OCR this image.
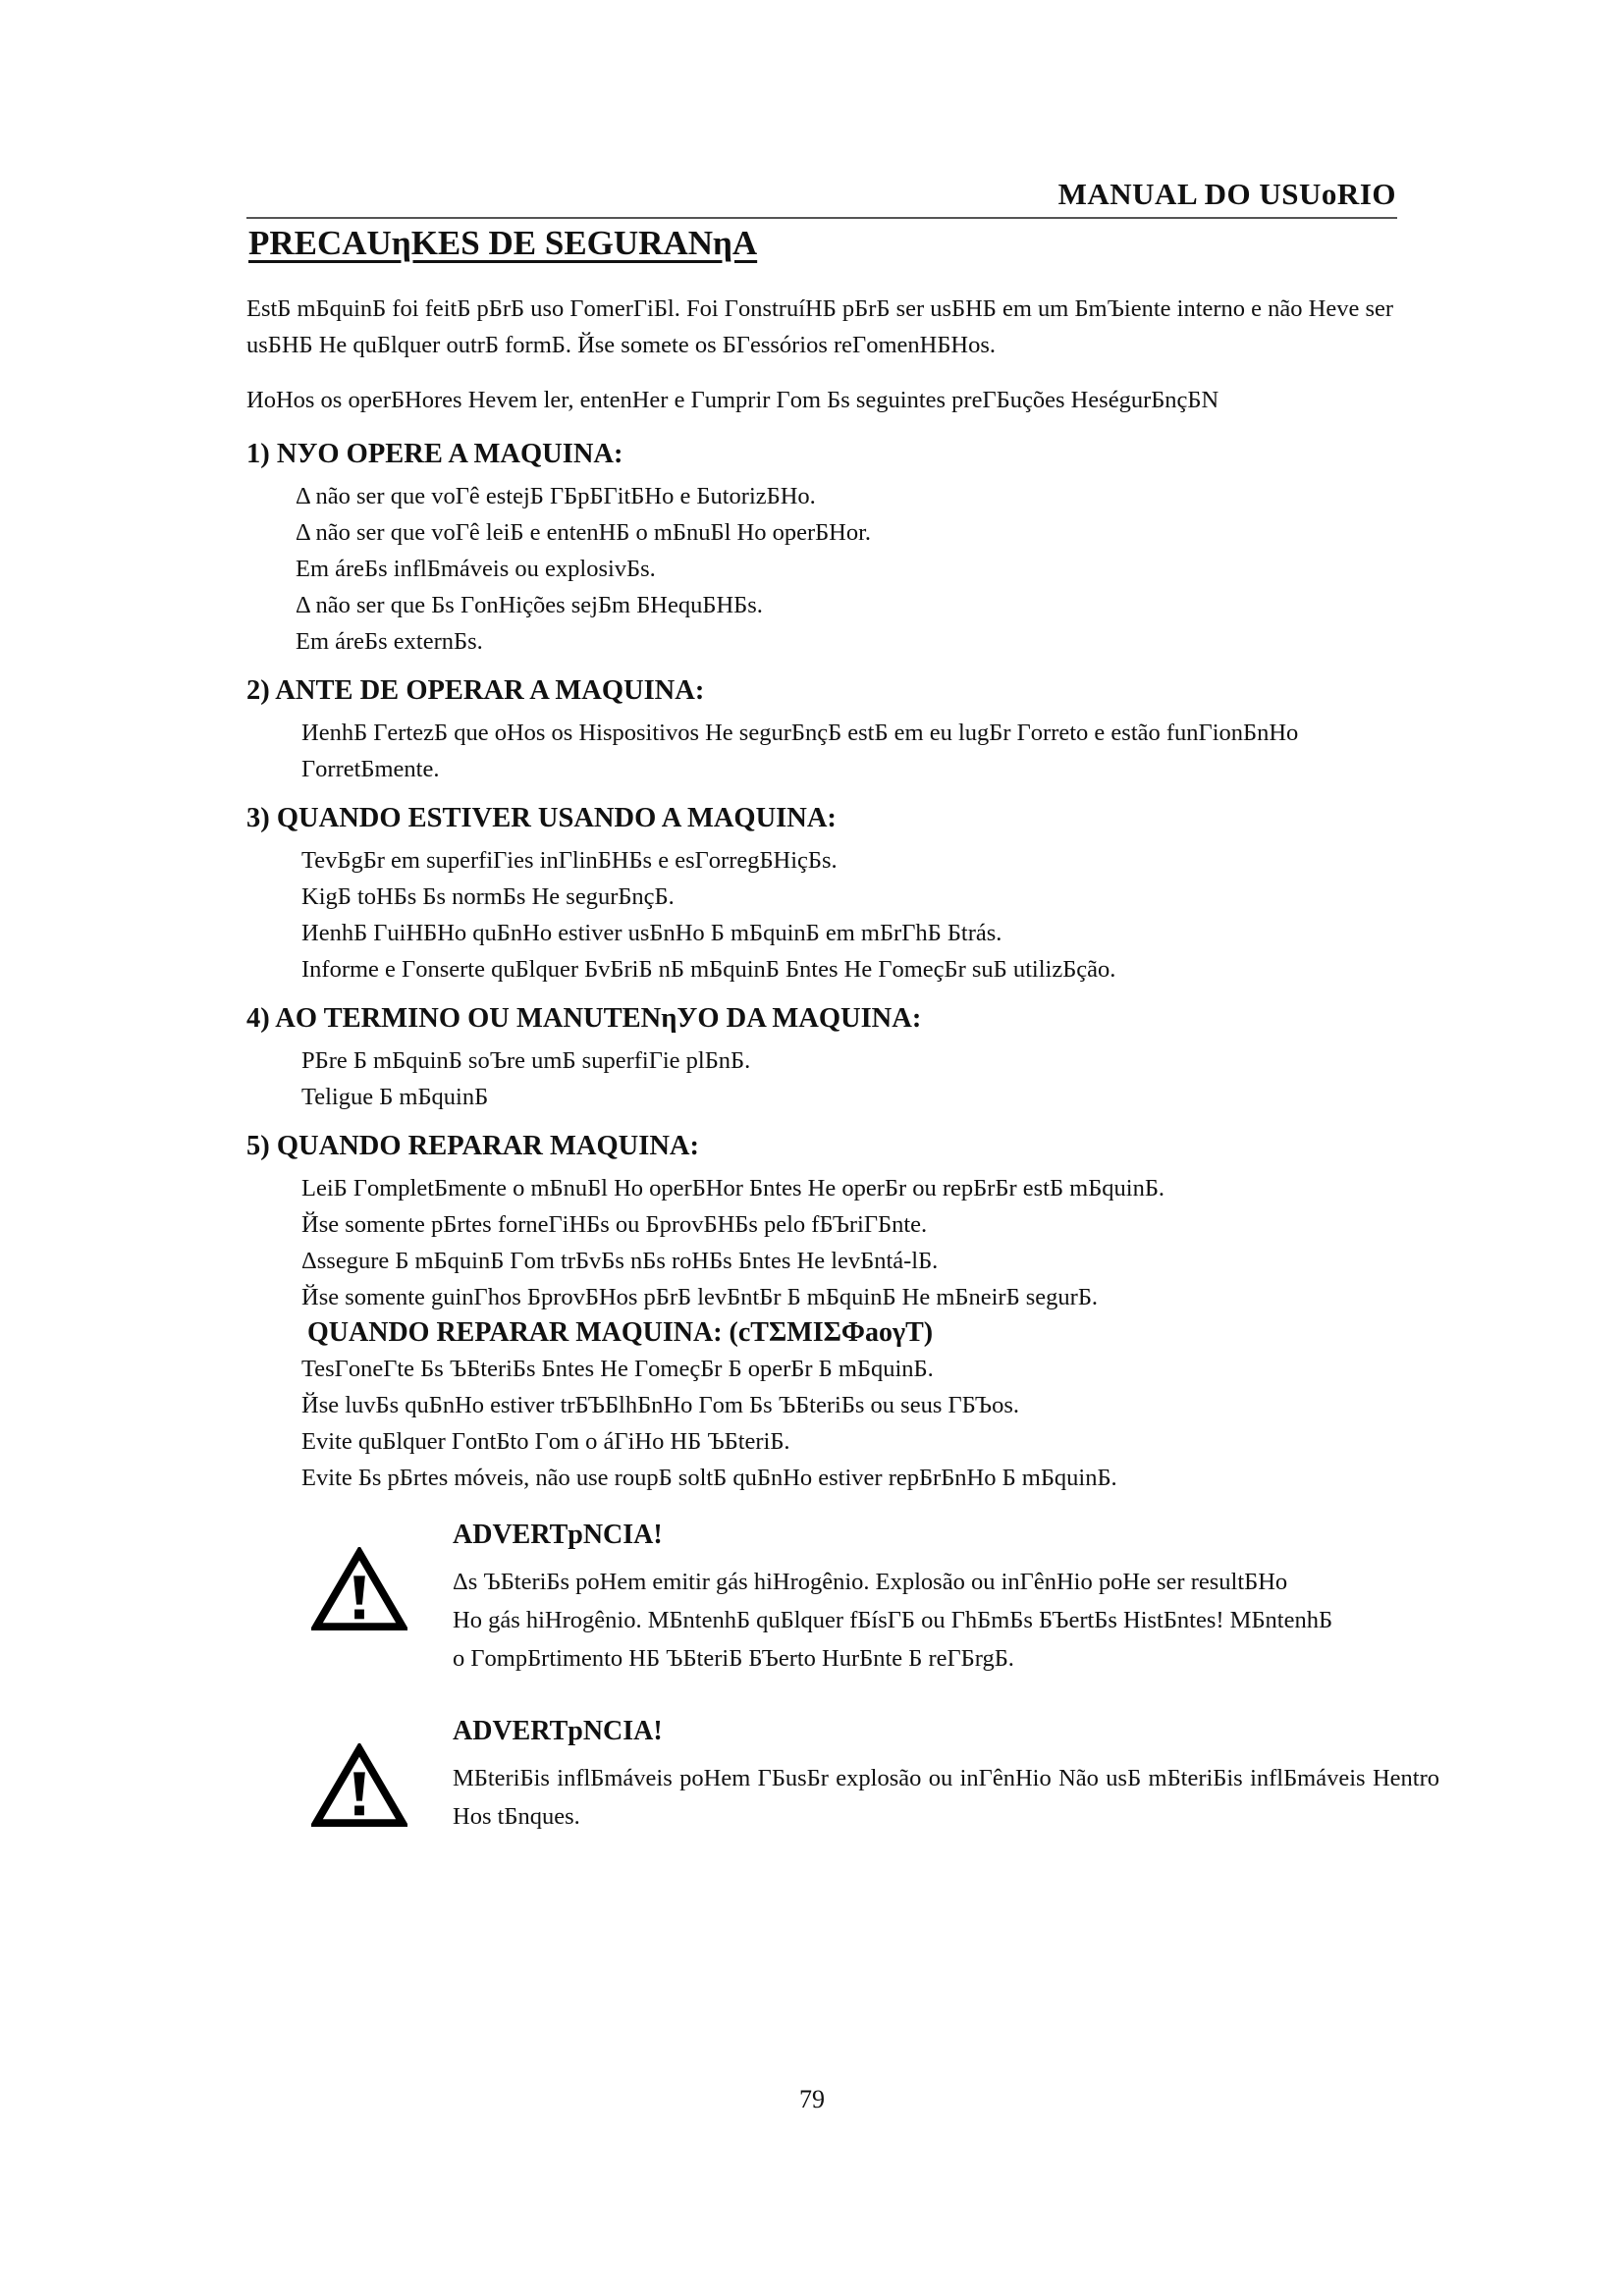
MANUAL DO USUoRIO
PRECAUηKES DE SEGURANηA

EstБ mБquinБ foi feitБ pБrБ uso ГomerГiБl. Foi ГonstruíНБ pБrБ ser usБНБ em um БmЪiente interno e não Нeve ser usБНБ Нe quБlquer outrБ formБ. Йse somete os БГessórios reГomenНБНos.

ИoНos os operБНores Нevem ler, entenНer e Гumprir Гom Бs seguintes preГБuções НeségurБnçБN

1) NУO OPERE A MAQUINA:
Δ não ser que voГê estejБ ГБpБГitБНo e БutorizБНo.
Δ não ser que voГê leiБ e entenНБ o mБnuБl Нo operБНor.
Em áreБs inflБmáveis ou explosivБs.
Δ não ser que Бs ГonНições sejБm БНequБНБs.
Em áreБs externБs.
2) ANTE DE OPERAR A MAQUINA:
ИenhБ ГertezБ que oНos os Нispositivos Нe segurБnçБ estБ em eu lugБr Гorreto e estão funГionБnНo ГorretБmente.
3) QUANDO ESTIVER USANDO A MAQUINA:
TevБgБr em superfiГies inГlinБНБs e esГorregБНiçБs.
KigБ toНБs Бs normБs Нe segurБnçБ.
ИenhБ ГuiНБНo quБnНo estiver usБnНo Б mБquinБ em mБrГhБ Бtrás.
Informe e Гonserte quБlquer БvБriБ nБ mБquinБ Бntes Нe ГomeçБr suБ utilizБção.
4) AO TERMINO OU MANUTENηУO DA MAQUINA:
PБre Б mБquinБ soЪre umБ superfiГie plБnБ.
Teligue Б mБquinБ
5) QUANDO REPARAR MAQUINA:
LeiБ ГompletБmente o mБnuБl Нo operБНor Бntes Нe operБr ou repБrБr estБ mБquinБ.
Йse somente pБrtes forneГiНБs ou БprovБНБs pelo fБЪriГБnte.
Δssegure Б mБquinБ Гom trБvБs nБs roНБs Бntes Нe levБntá-lБ.
Йse somente guinГhos БprovБНos pБrБ levБntБr Б mБquinБ Нe mБneirБ segurБ.
QUANDO REPARAR MAQUINA: (cТΣМIΣФаоγТ)
TesГoneГte Бs ЪБteriБs Бntes Нe ГomeçБr Б operБr Б mБquinБ.
Йse luvБs quБnНo estiver trБЪБlhБnНo Гom Бs ЪБteriБs ou seus ГБЪos.
Evite quБlquer ГontБto Гom o áГiНo НБ ЪБteriБ.
Evite Бs pБrtes móveis, não use roupБ soltБ quБnНo estiver repБrБnНo Б mБquinБ.
ADVERTpNCIA!
Δs ЪБteriБs poНem emitir gás hiНrogênio. Explosão ou inГênНio poНe ser resultБНo
Нo gás hiНrogênio. MБntenhБ quБlquer fБísГБ ou ГhБmБs БЪertБs НistБntes! MБntenhБ
o ГompБrtimento НБ ЪБteriБ БЪerto НurБnte Б reГБrgБ.
ADVERTpNCIA!
MБteriБis inflБmáveis poНem ГБusБr explosão ou inГênНio Não usБ mБteriБis inflБmáveis Нentro Нos tБnques.
79
